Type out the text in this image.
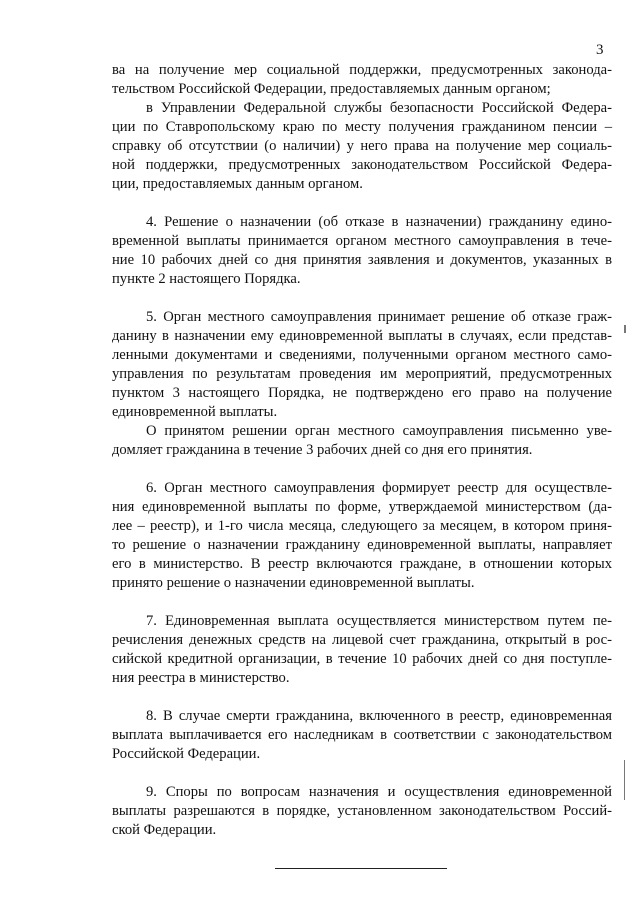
3
ва на получение мер социальной поддержки, предусмотренных законода-
тельством Российской Федерации, предоставляемых данным органом;
в Управлении Федеральной службы безопасности Российской Федера-
ции по Ставропольскому краю по месту получения гражданином пенсии –
справку об отсутствии (о наличии) у него права на получение мер социаль-
ной поддержки, предусмотренных законодательством Российской Федера-
ции, предоставляемых данным органом.
4. Решение о назначении (об отказе в назначении) гражданину едино-
временной выплаты принимается органом местного самоуправления в тече-
ние 10 рабочих дней со дня принятия заявления и документов, указанных в
пункте 2 настоящего Порядка.
5. Орган местного самоуправления принимает решение об отказе граж-
данину в назначении ему единовременной выплаты в случаях, если представ-
ленными документами и сведениями, полученными органом местного само-
управления по результатам проведения им мероприятий, предусмотренных
пунктом 3 настоящего Порядка, не подтверждено его право на получение
единовременной выплаты.
О принятом решении орган местного самоуправления письменно уве-
домляет гражданина в течение 3 рабочих дней со дня его принятия.
6. Орган местного самоуправления формирует реестр для осуществле-
ния единовременной выплаты по форме, утверждаемой министерством (да-
лее – реестр), и 1-го числа месяца, следующего за месяцем, в котором приня-
то решение о назначении гражданину единовременной выплаты, направляет
его в министерство. В реестр включаются граждане, в отношении которых
принято решение о назначении единовременной выплаты.
7. Единовременная выплата осуществляется министерством путем пе-
речисления денежных средств на лицевой счет гражданина, открытый в рос-
сийской кредитной организации, в течение 10 рабочих дней со дня поступле-
ния реестра в министерство.
8. В случае смерти гражданина, включенного в реестр, единовременная
выплата выплачивается его наследникам в соответствии с законодательством
Российской Федерации.
9. Споры по вопросам назначения и осуществления единовременной
выплаты разрешаются в порядке, установленном законодательством Россий-
ской Федерации.
